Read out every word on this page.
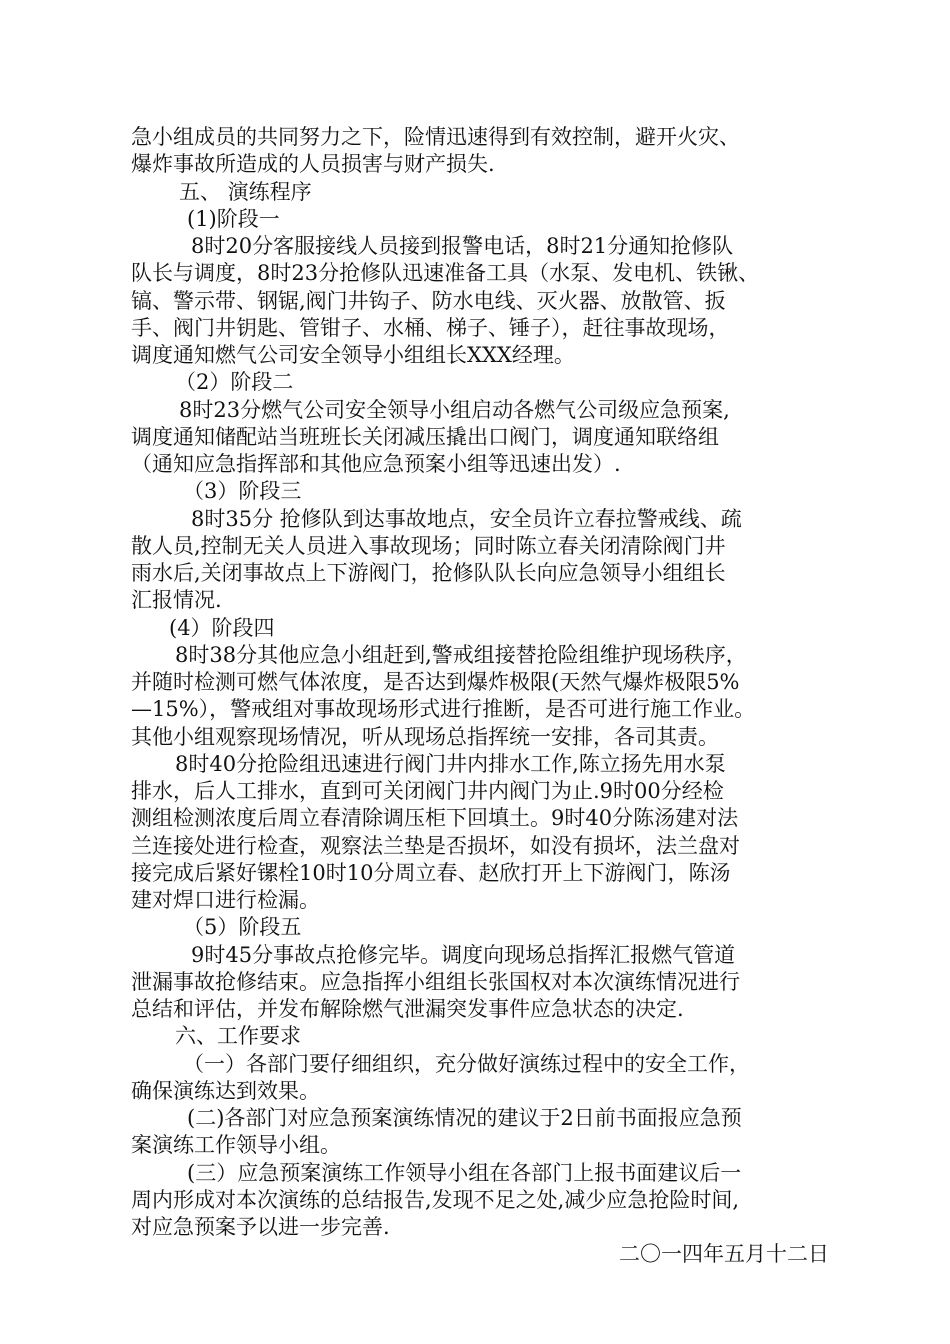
急小组成员的共同努力之下，险情迅速得到有效控制，避开火灾、
爆炸事故所造成的人员损害与财产损失.
五、 演练程序
(1)阶段一
8时20分客服接线人员接到报警电话，8时21分通知抢修队
队长与调度，8时23分抢修队迅速准备工具（水泵、发电机、铁锹、
镐、警示带、钢锯,阀门井钩子、防水电线、灭火器、放散管、扳
手、阀门井钥匙、管钳子、水桶、梯子、锤子），赶往事故现场，
调度通知燃气公司安全领导小组组长XXX经理。
（2）阶段二
8时23分燃气公司安全领导小组启动各燃气公司级应急预案,
调度通知储配站当班班长关闭减压撬出口阀门，调度通知联络组
（通知应急指挥部和其他应急预案小组等迅速出发）.
（3）阶段三
8时35分 抢修队到达事故地点，安全员许立春拉警戒线、疏
散人员,控制无关人员进入事故现场；同时陈立春关闭清除阀门井
雨水后,关闭事故点上下游阀门，抢修队队长向应急领导小组组长
汇报情况.
(4）阶段四
8时38分其他应急小组赶到,警戒组接替抢险组维护现场秩序，
并随时检测可燃气体浓度，是否达到爆炸极限(天然气爆炸极限5%
—15%），警戒组对事故现场形式进行推断，是否可进行施工作业。
其他小组观察现场情况，听从现场总指挥统一安排，各司其责。
8时40分抢险组迅速进行阀门井内排水工作,陈立扬先用水泵
排水，后人工排水，直到可关闭阀门井内阀门为止.9时00分经检
测组检测浓度后周立春清除调压柜下回填土。9时40分陈汤建对法
兰连接处进行检查，观察法兰垫是否损坏，如没有损坏，法兰盘对
接完成后紧好镙栓10时10分周立春、赵欣打开上下游阀门，陈汤
建对焊口进行检漏。
（5）阶段五
9时45分事故点抢修完毕。调度向现场总指挥汇报燃气管道
泄漏事故抢修结束。应急指挥小组组长张国权对本次演练情况进行
总结和评估，并发布解除燃气泄漏突发事件应急状态的决定.
六、工作要求
（一）各部门要仔细组织，充分做好演练过程中的安全工作，
确保演练达到效果。
(二)各部门对应急预案演练情况的建议于2日前书面报应急预
案演练工作领导小组。
(三）应急预案演练工作领导小组在各部门上报书面建议后一
周内形成对本次演练的总结报告,发现不足之处,减少应急抢险时间,
对应急预案予以进一步完善.
二〇一四年五月十二日
